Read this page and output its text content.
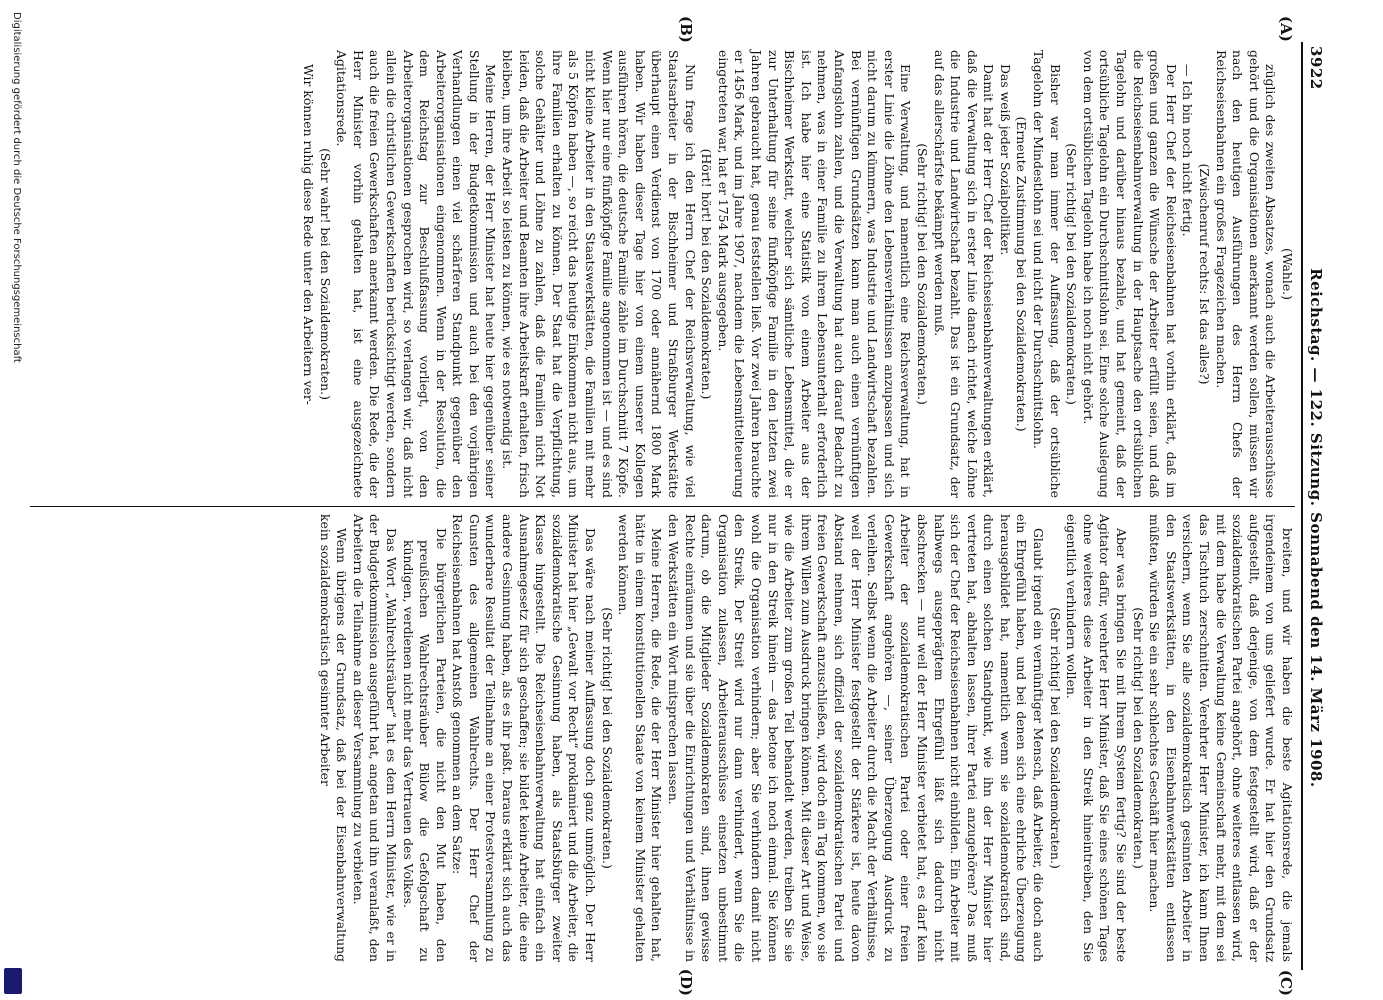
3922
Reichstag. — 122. Sitzung. Sonnabend den 14. März 1908.
(A)
(B)
(C)
(D)

(Wahle.)

züglich des zweiten Absatzes, wonach auch die Arbeiterausschüsse gehört und die Organisationen anerkannt werden sollen, müssen wir nach den heutigen Ausführungen des Herrn Chefs der Reichseisenbahnen ein großes Fragezeichen machen.

(Zwischenruf rechts: Ist das alles?)

— Ich bin noch nicht fertig.

Der Herr Chef der Reichseisenbahnen hat vorhin erklärt, daß im großen und ganzen die Wünsche der Arbeiter erfüllt seien, und daß die Reichseisenbahnverwaltung in der Hauptsache den ortsüblichen Tagelohn und darüber hinaus bezahle, und hat gemeint, daß der ortsübliche Tagelohn ein Durchschnittslohn sei. Eine solche Auslegung von dem ortsüblichen Tagelohn habe ich noch nicht gehört.

(Sehr richtig! bei den Sozialdemokraten.)

Bisher war man immer der Auffassung, daß der ortsübliche Tagelohn der Mindestlohn sei und nicht der Durchschnittslohn.

(Erneute Zustimmung bei den Sozialdemokraten.)

Das weiß jeder Sozialpolitiker.

Damit hat der Herr Chef der Reichseisenbahnverwaltungen erklärt, daß die Verwaltung sich in erster Linie danach richtet, welche Löhne die Industrie und Landwirtschaft bezahlt. Das ist ein Grundsatz, der auf das allerschärfste bekämpft werden muß.

(Sehr richtig! bei den Sozialdemokraten.)

Eine Verwaltung, und namentlich eine Reichsverwaltung, hat in erster Linie die Löhne den Lebensverhältnissen anzupassen und sich nicht darum zu kümmern, was Industrie und Landwirtschaft bezahlen. Bei vernünftigen Grundsätzen kann man auch einen vernünftigen Anfangslohn zahlen, und die Verwaltung hat auch darauf Bedacht zu nehmen, was in einer Familie zu ihrem Lebensunterhalt erforderlich ist. Ich habe hier eine Statistik von einem Arbeiter aus der Bischheimer Werkstatt, welcher sich sämtliche Lebensmittel, die er zur Unterhaltung für seine fünfköpfige Familie in den letzten zwei Jahren gebraucht hat, genau feststellen ließ. Vor zwei Jahren brauchte er 1456 Mark, und im Jahre 1907, nachdem die Lebensmittelteuerung eingetreten war, hat er 1754 Mark ausgegeben.

(Hört! hört! bei den Sozialdemokraten.)

Nun frage ich den Herrn Chef der Reichsverwaltung, wie viel Staatsarbeiter in der Bischheimer und Straßburger Werkstätte überhaupt einen Verdienst von 1700 oder annähernd 1800 Mark haben. Wir haben dieser Tage hier von einem unserer Kollegen ausführen hören, die deutsche Familie zähle im Durchschnitt 7 Köpfe. Wenn hier nur eine fünfköpfige Familie angenommen ist — und es sind nicht kleine Arbeiter in den Staatswerkstätten, die Familien mit mehr als 5 Köpfen haben —, so reicht das heutige Einkommen nicht aus, um ihre Familien erhalten zu können. Der Staat hat die Verpflichtung, solche Gehälter und Löhne zu zahlen, daß die Familien nicht Not leiden, daß die Arbeiter und Beamten ihre Arbeitskraft erhalten, frisch bleiben, um ihre Arbeit so leisten zu können, wie es notwendig ist.

Meine Herren, der Herr Minister hat heute hier gegenüber seiner Stellung in der Budgetkommission und auch bei den vorjährigen Verhandlungen einen viel schärferen Standpunkt gegenüber den Arbeiterorganisationen eingenommen. Wenn in der Resolution, die dem Reichstag zur Beschlußfassung vorliegt, von den Arbeiterorganisationen gesprochen wird, so verlangen wir, daß nicht allein die christlichen Gewerkschaften berücksichtigt werden, sondern auch die freien Gewerkschaften anerkannt werden. Die Rede, die der Herr Minister vorhin gehalten hat, ist eine ausgezeichnete Agitationsrede.

(Sehr wahr! bei den Sozialdemokraten.)

Wir können ruhig diese Rede unter den Arbeitern ver-

breiten, und wir haben die beste Agitationsrede, die jemals irgendeinem von uns geliefert wurde. Er hat hier den Grundsatz aufgestellt, daß derjenige, von dem festgestellt wird, daß er der sozialdemokratischen Partei angehört, ohne weiteres entlassen wird, mit dem habe die Verwaltung keine Gemeinschaft mehr, mit dem sei das Tischtuch zerschnitten. Verehrter Herr Minister, ich kann Ihnen versichern, wenn Sie alle sozialdemokratisch gesinnten Arbeiter in den Staatswerkstätten, in den Eisenbahnwerkstätten entlassen müßten, würden Sie ein sehr schlechtes Geschäft hier machen.

(Sehr richtig! bei den Sozialdemokraten.)

Aber was bringen Sie mit Ihrem System fertig? Sie sind der beste Agitator dafür, verehrter Herr Minister, daß Sie eines schönen Tages ohne weiteres diese Arbeiter in den Streik hineintreiben, den Sie eigentlich verhindern wollen.

(Sehr richtig! bei den Sozialdemokraten.)

Glaubt irgend ein vernünftiger Mensch, daß Arbeiter, die doch auch ein Ehrgefühl haben, und bei denen sich eine ehrliche Überzeugung herausgebildet hat, namentlich wenn sie sozialdemokratisch sind, durch einen solchen Standpunkt, wie ihn der Herr Minister hier vertreten hat, abhalten lassen, ihrer Partei anzugehören? Das muß sich der Chef der Reichseisenbahnen nicht einbilden. Ein Arbeiter mit halbwegs ausgeprägtem Ehrgefühl läßt sich dadurch nicht abschrecken — nur weil der Herr Minister verbietet hat, es darf kein Arbeiter der sozialdemokratischen Partei oder einer freien Gewerkschaft angehören —, seiner Überzeugung Ausdruck zu verleihen. Selbst wenn die Arbeiter durch die Macht der Verhältnisse, weil der Herr Minister festgestellt der Stärkere ist, heute davon Abstand nehmen, sich offiziell der sozialdemokratischen Partei und freien Gewerkschaft anzuschließen, wird doch ein Tag kommen, wo sie ihrem Willen zum Ausdruck bringen können. Mit dieser Art und Weise, wie die Arbeiter zum großen Teil behandelt werden, treiben Sie sie nur in den Streik hinein — das betone ich noch einmal. Sie können wohl die Organisation verhindern; aber Sie verhindern damit nicht den Streik. Der Streit wird nur dann verhindert, wenn Sie die Organisation zulassen, Arbeiterausschüsse einsetzen unbestimmt darum, ob die Mitglieder Sozialdemokraten sind, ihnen gewisse Rechte einräumen und sie über die Einrichtungen und Verhältnisse in den Werkstätten ein Wort mitsprechen lassen.

Meine Herren, die Rede, die der Herr Minister hier gehalten hat, hätte in einem konstitutionellen Staate von keinem Minister gehalten werden können.

(Sehr richtig! bei den Sozialdemokraten.)

Das wäre nach meiner Auffassung doch ganz unmöglich. Der Herr Minister hat hier „Gewalt vor Recht“ proklamiert und die Arbeiter, die sozialdemokratische Gesinnung haben, als Staatsbürger zweiter Klasse hingestellt. Die Reichseisenbahnverwaltung hat einfach ein Ausnahmegesetz für sich geschaffen; sie bildet keine Arbeiter, die eine andere Gesinnung haben, als es ihr paßt. Daraus erklärt sich auch das wunderbare Resultat der Teilnahme an einer Protestversammlung zu Gunsten des allgemeinen Wahlrechts. Der Herr Chef der Reichseisenbahnen hat Anstoß genommen an dem Satze:

Die bürgerlichen Parteien, die nicht den Mut haben, den preußischen Wahlrechtsräuber Bülow die Gefolgschaft zu kündigen, verdienen nicht mehr das Vertrauen des Volkes.

Das Wort „Wahlrechtsräuber“ hat es dem Herrn Minister, wie er in der Budgetkommission ausgeführt hat, angetan und ihn veranlaßt, den Arbeitern die Teilnahme an dieser Versammlung zu verbieten.

Wenn übrigens der Grundsatz, daß bei der Eisenbahnverwaltung kein sozialdemokratisch gesinnter Arbeiter

Digitalisierung gefördert durch die Deutsche Forschungsgemeinschaft
